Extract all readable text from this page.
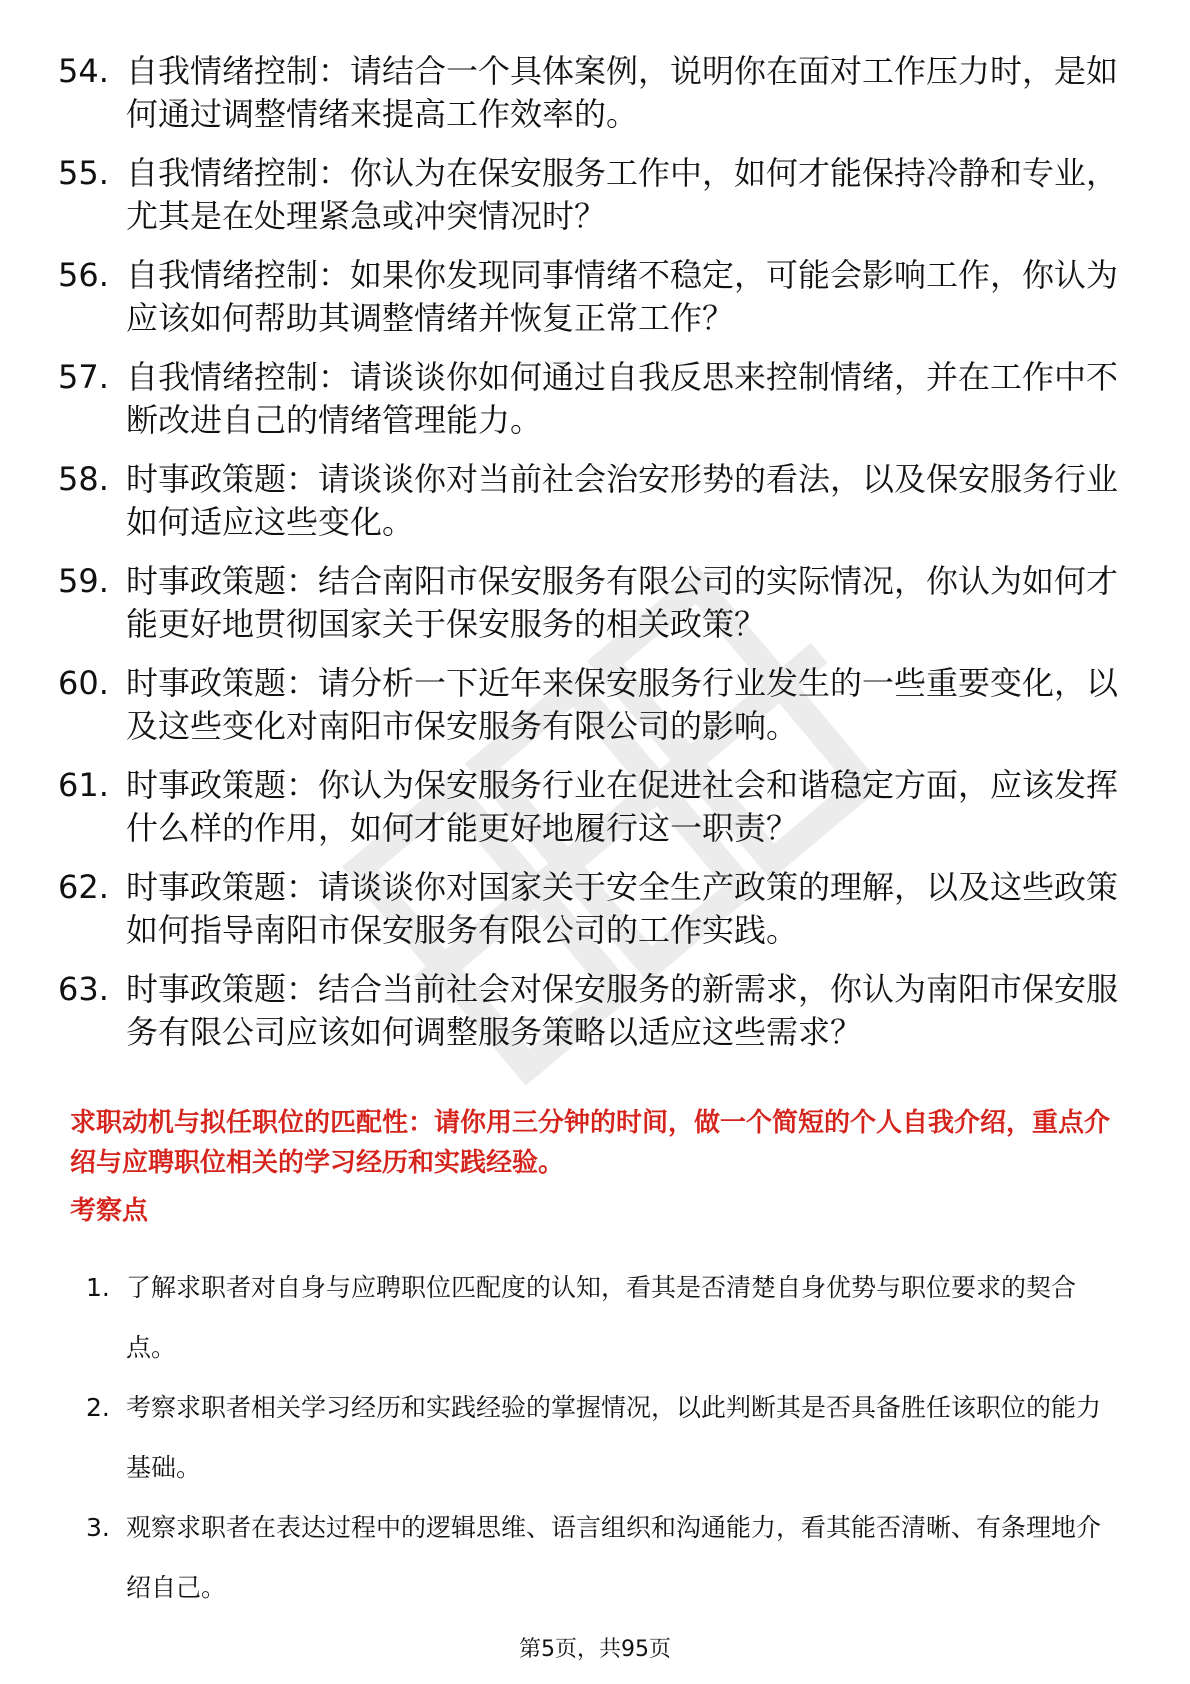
54. 自我情绪控制：请结合一个具体案例，说明你在面对工作压力时，是如何通过调整情绪来提高工作效率的。
55. 自我情绪控制：你认为在保安服务工作中，如何才能保持冷静和专业，尤其是在处理紧急或冲突情况时？
56. 自我情绪控制：如果你发现同事情绪不稳定，可能会影响工作，你认为应该如何帮助其调整情绪并恢复正常工作？
57. 自我情绪控制：请谈谈你如何通过自我反思来控制情绪，并在工作中不断改进自己的情绪管理能力。
58. 时事政策题：请谈谈你对当前社会治安形势的看法，以及保安服务行业如何适应这些变化。
59. 时事政策题：结合南阳市保安服务有限公司的实际情况，你认为如何才能更好地贯彻国家关于保安服务的相关政策？
60. 时事政策题：请分析一下近年来保安服务行业发生的一些重要变化，以及这些变化对南阳市保安服务有限公司的影响。
61. 时事政策题：你认为保安服务行业在促进社会和谐稳定方面，应该发挥什么样的作用，如何才能更好地履行这一职责？
62. 时事政策题：请谈谈你对国家关于安全生产政策的理解，以及这些政策如何指导南阳市保安服务有限公司的工作实践。
63. 时事政策题：结合当前社会对保安服务的新需求，你认为南阳市保安服务有限公司应该如何调整服务策略以适应这些需求？
求职动机与拟任职位的匹配性：请你用三分钟的时间，做一个简短的个人自我介绍，重点介绍与应聘职位相关的学习经历和实践经验。
考察点
1. 了解求职者对自身与应聘职位匹配度的认知，看其是否清楚自身优势与职位要求的契合点。
2. 考察求职者相关学习经历和实践经验的掌握情况，以此判断其是否具备胜任该职位的能力基础。
3. 观察求职者在表达过程中的逻辑思维、语言组织和沟通能力，看其能否清晰、有条理地介绍自己。
第5页，共95页
